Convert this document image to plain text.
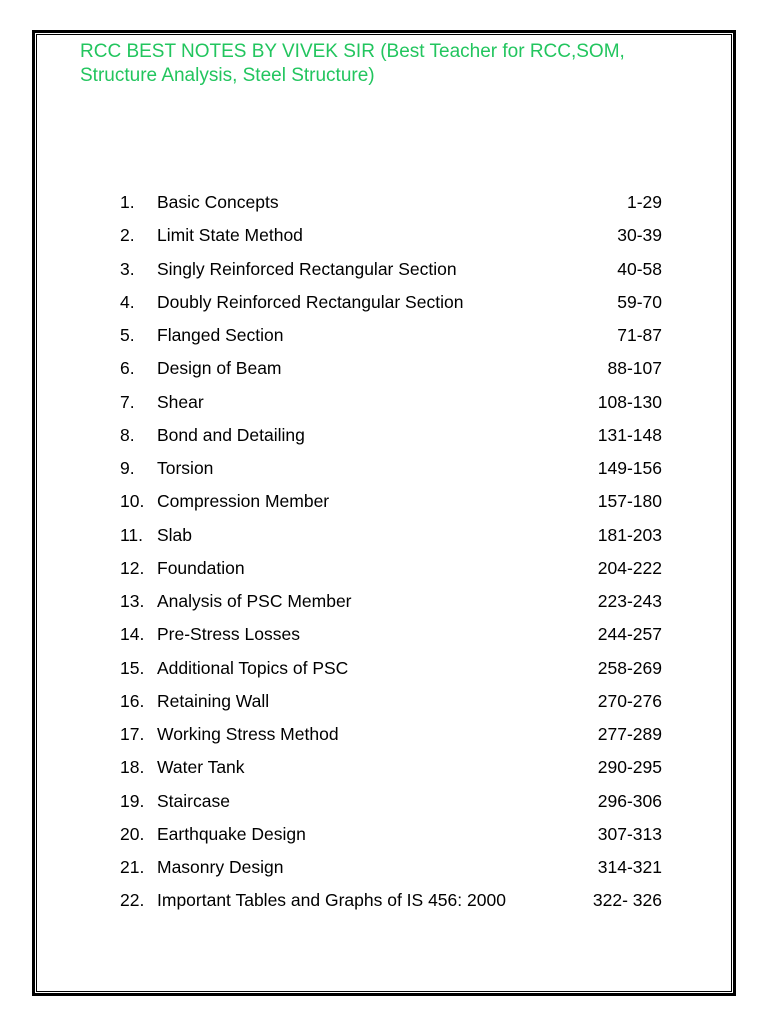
RCC BEST NOTES BY VIVEK SIR (Best Teacher for RCC,SOM,
Structure Analysis, Steel Structure)
1. Basic Concepts	1-29
2. Limit State Method	30-39
3. Singly Reinforced Rectangular Section	40-58
4. Doubly Reinforced Rectangular Section	59-70
5. Flanged Section	71-87
6. Design of Beam	88-107
7. Shear	108-130
8. Bond and Detailing	131-148
9. Torsion	149-156
10. Compression Member	157-180
11. Slab	181-203
12. Foundation	204-222
13. Analysis of PSC Member	223-243
14. Pre-Stress Losses	244-257
15. Additional Topics of PSC	258-269
16. Retaining Wall	270-276
17. Working Stress Method	277-289
18. Water Tank	290-295
19. Staircase	296-306
20. Earthquake Design	307-313
21. Masonry Design	314-321
22. Important Tables and Graphs of IS 456: 2000	322- 326
